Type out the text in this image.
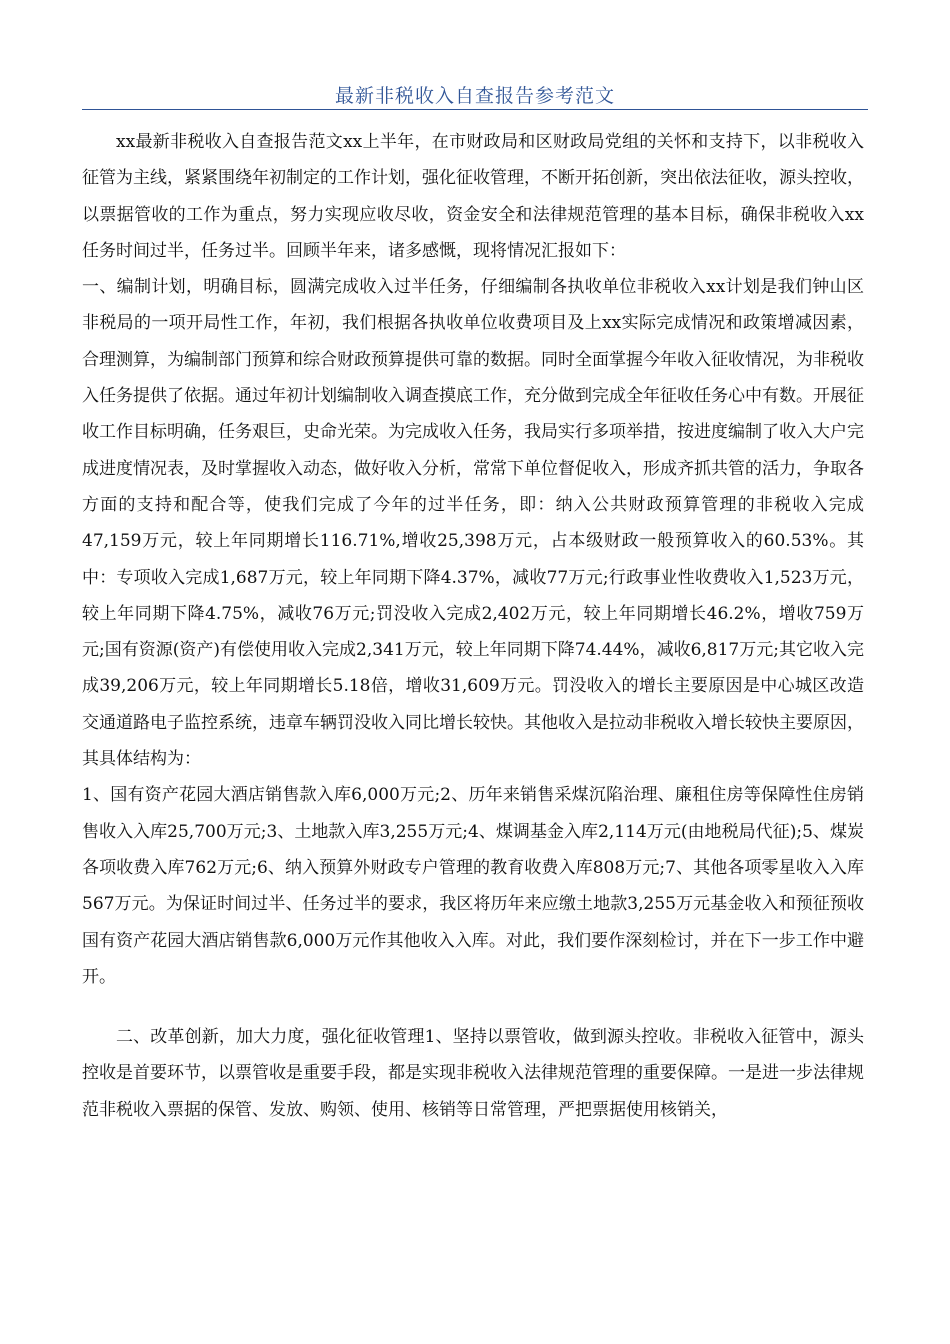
最新非税收入自查报告参考范文

xx最新非税收入自查报告范文xx上半年，在市财政局和区财政局党组的关怀和支持下，以非税收入征管为主线，紧紧围绕年初制定的工作计划，强化征收管理，不断开拓创新，突出依法征收，源头控收，以票据管收的工作为重点，努力实现应收尽收，资金安全和法律规范管理的基本目标，确保非税收入xx任务时间过半，任务过半。回顾半年来，诸多感慨，现将情况汇报如下：

一、编制计划，明确目标，圆满完成收入过半任务，仔细编制各执收单位非税收入xx计划是我们钟山区非税局的一项开局性工作，年初，我们根据各执收单位收费项目及上xx实际完成情况和政策增减因素，合理测算，为编制部门预算和综合财政预算提供可靠的数据。同时全面掌握今年收入征收情况，为非税收入任务提供了依据。通过年初计划编制收入调查摸底工作，充分做到完成全年征收任务心中有数。开展征收工作目标明确，任务艰巨，史命光荣。为完成收入任务，我局实行多项举措，按进度编制了收入大户完成进度情况表，及时掌握收入动态，做好收入分析，常常下单位督促收入，形成齐抓共管的活力，争取各方面的支持和配合等，使我们完成了今年的过半任务，即：纳入公共财政预算管理的非税收入完成47,159万元，较上年同期增长116.71%,增收25,398万元，占本级财政一般预算收入的60.53%。其中：专项收入完成1,687万元，较上年同期下降4.37%，减收77万元;行政事业性收费收入1,523万元，较上年同期下降4.75%，减收76万元;罚没收入完成2,402万元，较上年同期增长46.2%，增收759万元;国有资源(资产)有偿使用收入完成2,341万元，较上年同期下降74.44%，减收6,817万元;其它收入完成39,206万元，较上年同期增长5.18倍，增收31,609万元。罚没收入的增长主要原因是中心城区改造交通道路电子监控系统，违章车辆罚没收入同比增长较快。其他收入是拉动非税收入增长较快主要原因，其具体结构为：

1、国有资产花园大酒店销售款入库6,000万元;2、历年来销售采煤沉陷治理、廉租住房等保障性住房销售收入入库25,700万元;3、土地款入库3,255万元;4、煤调基金入库2,114万元(由地税局代征);5、煤炭各项收费入库762万元;6、纳入预算外财政专户管理的教育收费入库808万元;7、其他各项零星收入入库567万元。为保证时间过半、任务过半的要求，我区将历年来应缴土地款3,255万元基金收入和预征预收国有资产花园大酒店销售款6,000万元作其他收入入库。对此，我们要作深刻检讨，并在下一步工作中避开。

二、改革创新，加大力度，强化征收管理1、坚持以票管收，做到源头控收。非税收入征管中，源头控收是首要环节，以票管收是重要手段，都是实现非税收入法律规范管理的重要保障。一是进一步法律规范非税收入票据的保管、发放、购领、使用、核销等日常管理，严把票据使用核销关，
